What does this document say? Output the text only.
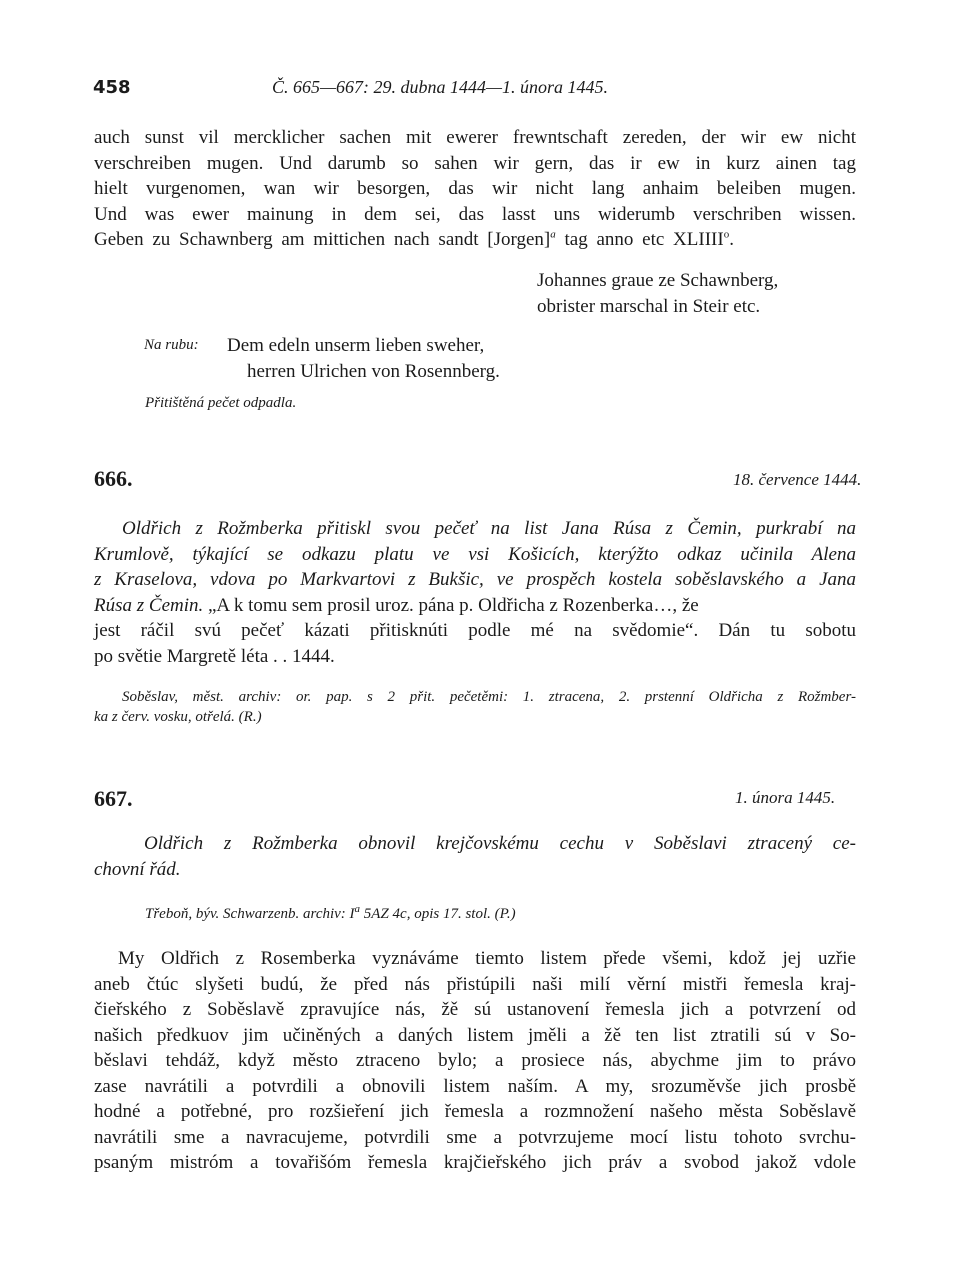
458	Č. 665—667: 29. dubna 1444—1. února 1445.
auch sunst vil mercklicher sachen mit ewerer frewntschaft zereden, der wir ew nicht
verschreiben mugen. Und darumb so sahen wir gern, das ir ew in kurz ainen tag
hielt vurgenomen, wan wir besorgen, das wir nicht lang anhaim beleiben mugen.
Und was ewer mainung in dem sei, das lasst uns widerumb verschriben wissen.
Geben zu Schawnberg am mittichen nach sandt [Jorgen]$^a$ tag anno etc XLIIII$^o$.
Johannes graue ze Schawnberg,
obrister marschal in Steir etc.
Na rubu: Dem edeln unserm lieben sweher,
herren Ulrichen von Rosennberg.
Přitištěná pečet odpadla.
666.	18. července 1444.
Oldřich z Rožmberka přitiskl svou pečeť na list Jana Rúsa z Čemin, purkrabí na
Krumlově, týkající se odkazu platu ve vsi Košicích, kterýžto odkaz učinila Alena
z Kraselova, vdova po Markvartovi z Bukšic, ve prospěch kostela soběslavského a Jana
Rúsa z Čemin. „A k tomu sem prosil uroz. pána p. Oldřicha z Rozenberka…, že
jest ráčil svú pečeť kázati přitisknúti podle mé na svědomie“. Dán tu sobotu
po světie Margretě léta . . 1444.
Soběslav, měst. archiv: or. pap. s 2 přit. pečetěmi: 1. ztracena, 2. prstenní Oldřicha z Rožmber-
ka z červ. vosku, otřelá. (R.)
667.	1. února 1445.
Oldřich z Rožmberka obnovil krejčovskému cechu v Soběslavi ztracený ce-
chovní řád.
Třeboň, býv. Schwarzenb. archiv: $I^a$ 5AZ 4c, opis 17. stol. (P.)
My Oldřich z Rosemberka vyznáváme tiemto listem přede všemi, kdož jej uzřie
aneb čtúc slyšeti budú, že před nás přistúpili naši milí věrní mistři řemesla kraj-
čieřského z Soběslavě zpravujíce nás, žě sú ustanovení řemesla jich a potvrzení od
našich předkuov jim učiněných a daných listem jměli a žě ten list ztratili sú v So-
běslavi tehdáž, když město ztraceno bylo; a prosiece nás, abychme jim to právo
zase navrátili a potvrdili a obnovili listem naším. A my, srozuměvše jich prosbě
hodné a potřebné, pro rozšieření jich řemesla a rozmnožení našeho města Soběslavě
navrátili sme a navracujeme, potvrdili sme a potvrzujeme mocí listu tohoto svrchu-
psaným mistróm a tovařišóm řemesla krajčieřského jich práv a svobod jakož vdole
